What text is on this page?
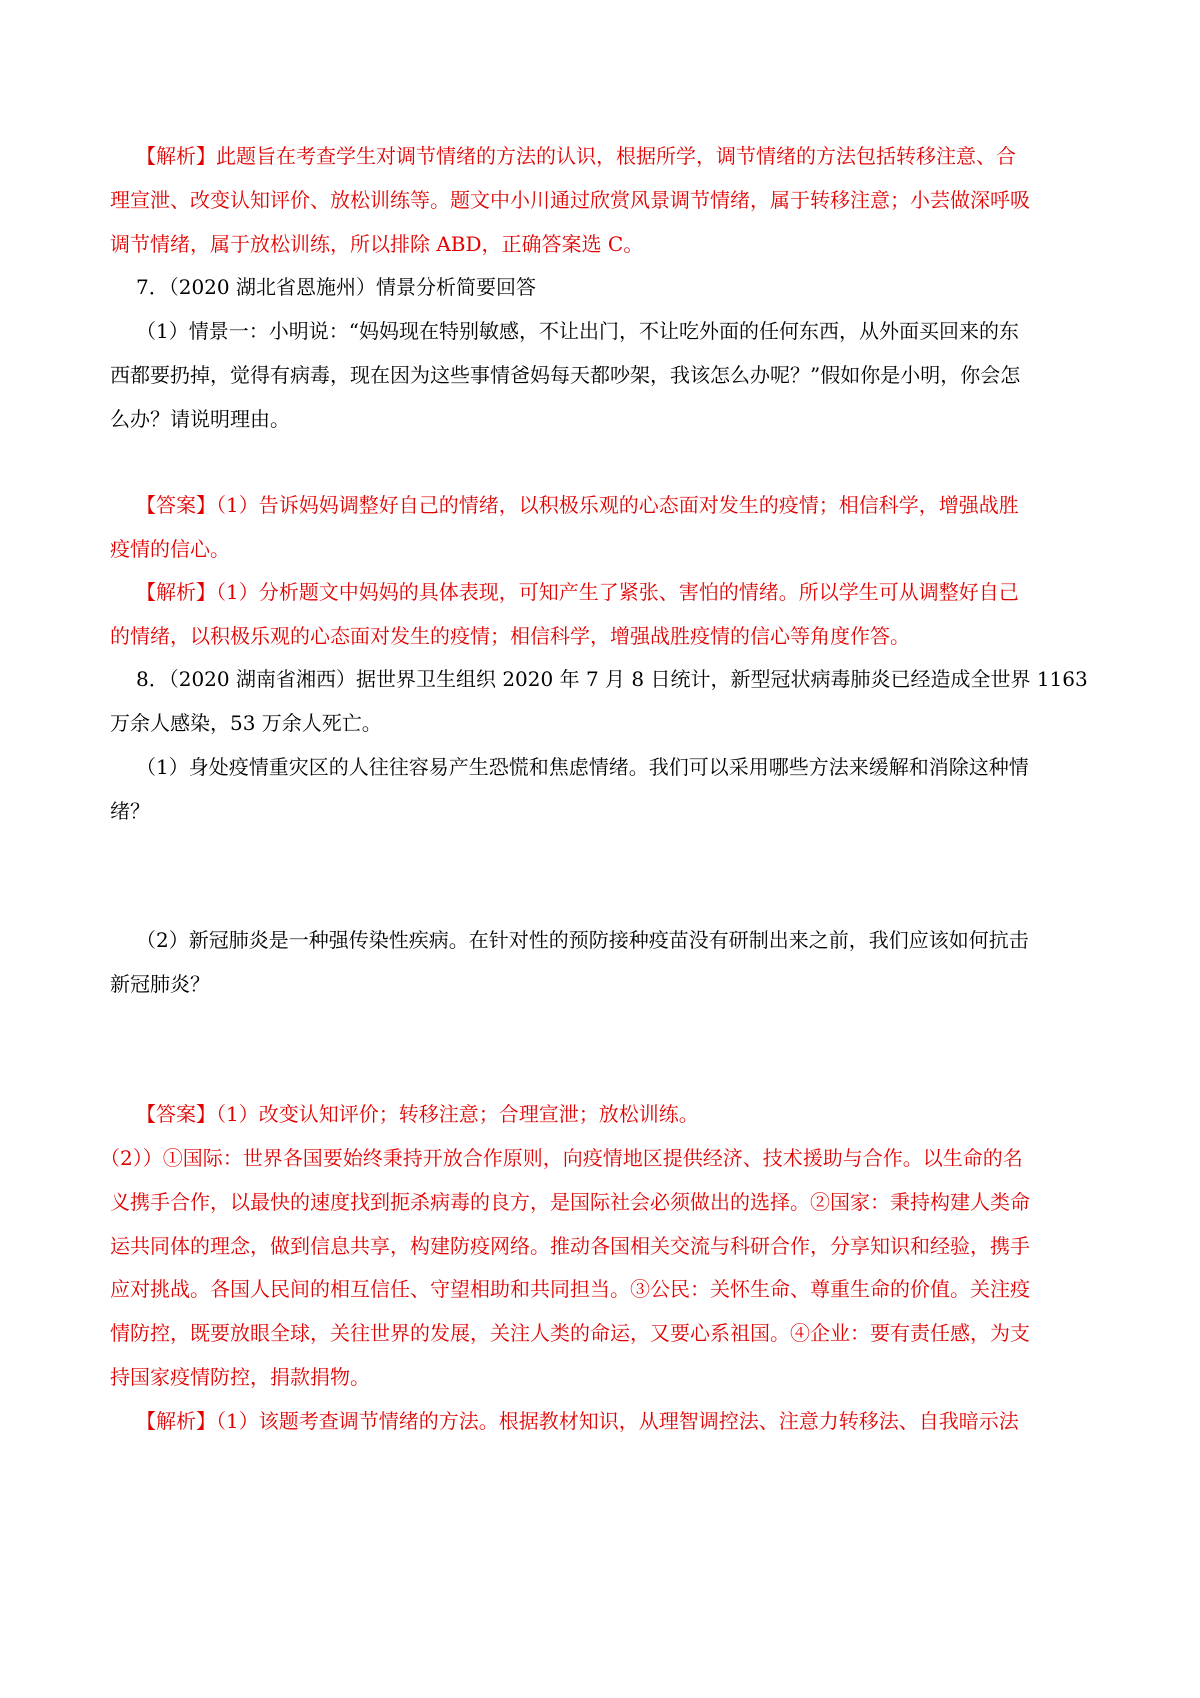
【解析】此题旨在考查学生对调节情绪的方法的认识，根据所学，调节情绪的方法包括转移注意、合
理宣泄、改变认知评价、放松训练等。题文中小川通过欣赏风景调节情绪，属于转移注意；小芸做深呼吸
调节情绪，属于放松训练，所以排除 ABD，正确答案选 C。
7．（2020 湖北省恩施州）情景分析简要回答
（1）情景一：小明说：“妈妈现在特别敏感，不让出门，不让吃外面的任何东西，从外面买回来的东
西都要扔掉，觉得有病毒，现在因为这些事情爸妈每天都吵架，我该怎么办呢？”假如你是小明，你会怎
么办？请说明理由。
【答案】（1）告诉妈妈调整好自己的情绪，以积极乐观的心态面对发生的疫情；相信科学，增强战胜
疫情的信心。
【解析】（1）分析题文中妈妈的具体表现，可知产生了紧张、害怕的情绪。所以学生可从调整好自己
的情绪，以积极乐观的心态面对发生的疫情；相信科学，增强战胜疫情的信心等角度作答。
8．（2020 湖南省湘西）据世界卫生组织 2020 年 7 月 8 日统计，新型冠状病毒肺炎已经造成全世界 1163
万余人感染，53 万余人死亡。
（1）身处疫情重灾区的人往往容易产生恐慌和焦虑情绪。我们可以采用哪些方法来缓解和消除这种情
绪？
（2）新冠肺炎是一种强传染性疾病。在针对性的预防接种疫苗没有研制出来之前，我们应该如何抗击
新冠肺炎？
【答案】（1）改变认知评价；转移注意；合理宣泄；放松训练。
（2））①国际：世界各国要始终秉持开放合作原则，向疫情地区提供经济、技术援助与合作。以生命的名
义携手合作，以最快的速度找到扼杀病毒的良方，是国际社会必须做出的选择。②国家：秉持构建人类命
运共同体的理念，做到信息共享，构建防疫网络。推动各国相关交流与科研合作，分享知识和经验，携手
应对挑战。各国人民间的相互信任、守望相助和共同担当。③公民：关怀生命、尊重生命的价值。关注疫
情防控，既要放眼全球，关往世界的发展，关注人类的命运，又要心系祖国。④企业：要有责任感，为支
持国家疫情防控，捐款捐物。
【解析】（1）该题考查调节情绪的方法。根据教材知识，从理智调控法、注意力转移法、自我暗示法
